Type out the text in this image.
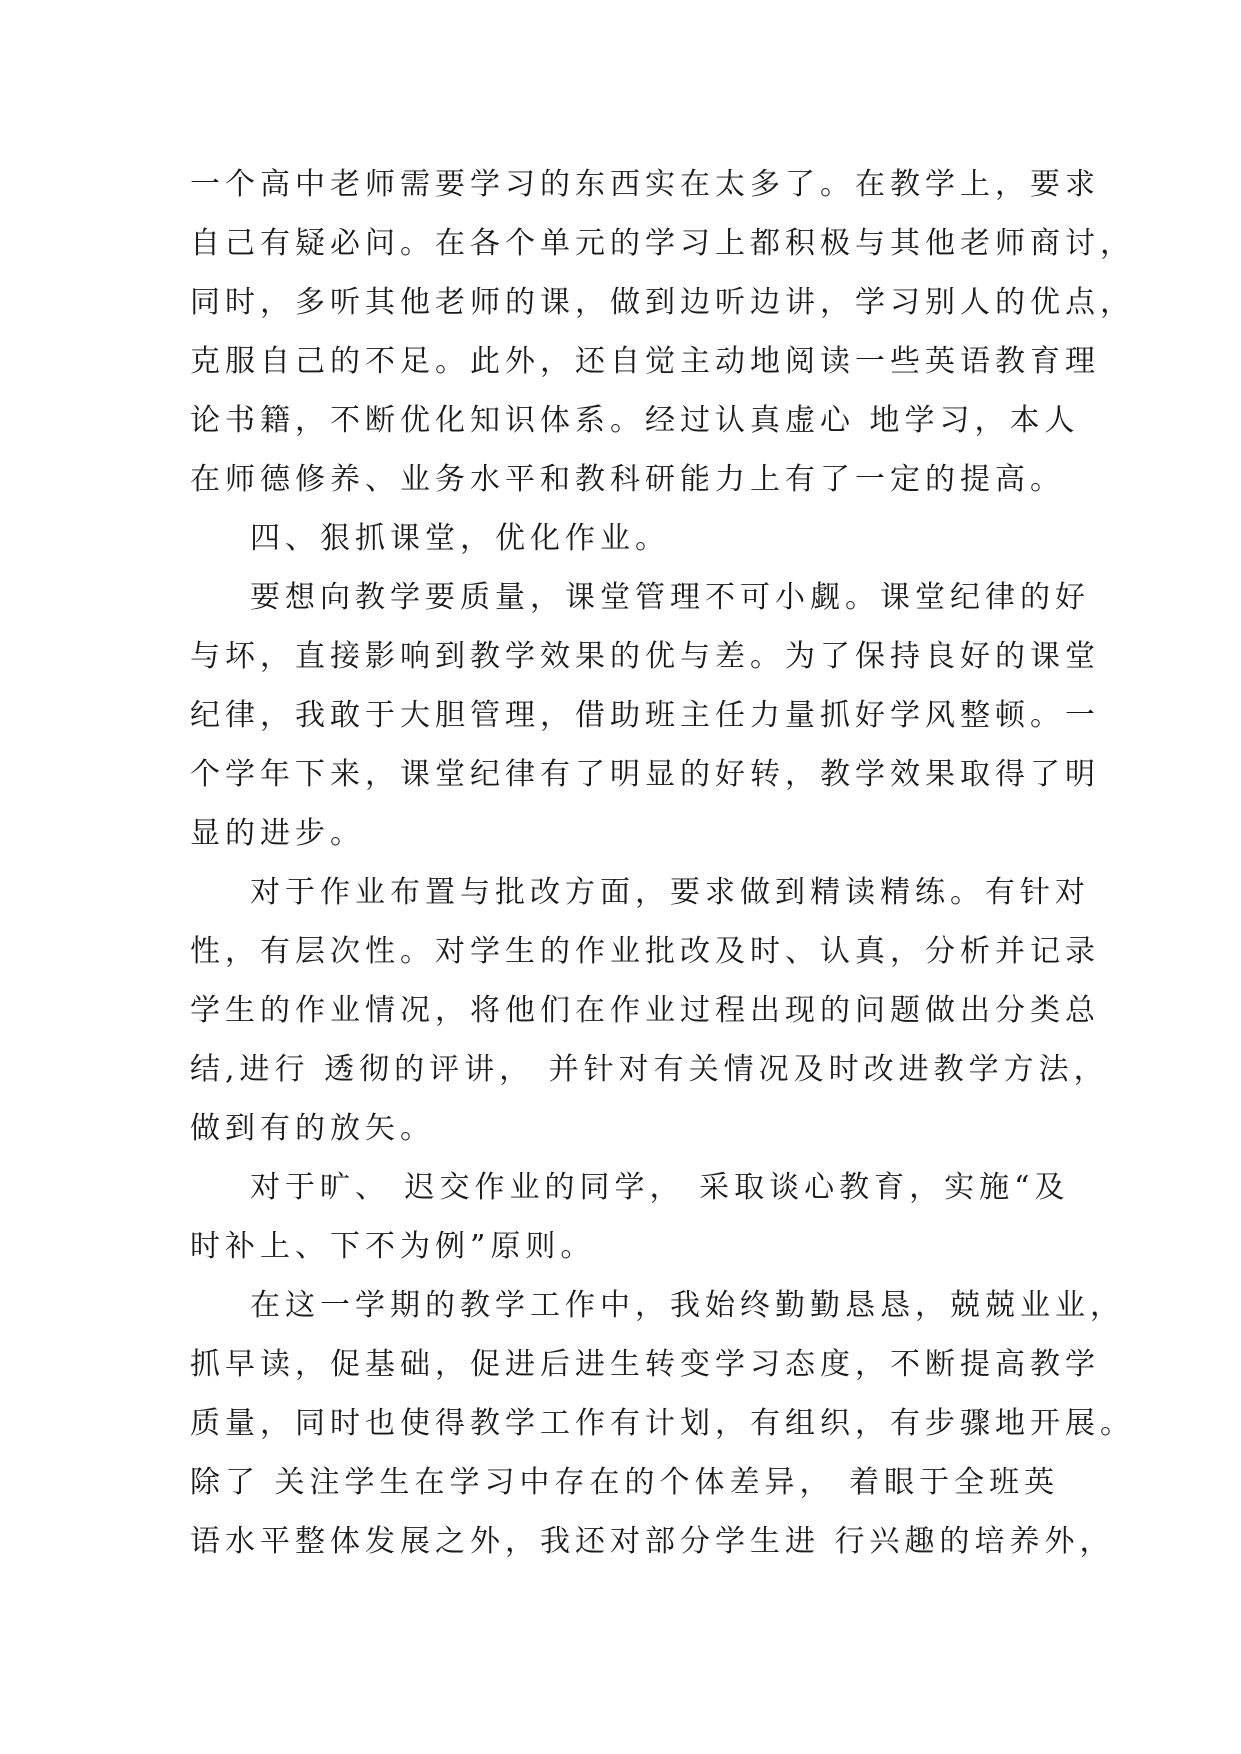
一个高中老师需要学习的东西实在太多了。在教学上，要求
自己有疑必问。在各个单元的学习上都积极与其他老师商讨，
同时，多听其他老师的课，做到边听边讲，学习别人的优点，
克服自己的不足。此外，还自觉主动地阅读一些英语教育理
论书籍，不断优化知识体系。经过认真虚心 地学习，本人
在师德修养、业务水平和教科研能力上有了一定的提高。
四、狠抓课堂，优化作业。
要想向教学要质量，课堂管理不可小觑。课堂纪律的好
与坏，直接影响到教学效果的优与差。为了保持良好的课堂
纪律，我敢于大胆管理，借助班主任力量抓好学风整顿。一
个学年下来，课堂纪律有了明显的好转，教学效果取得了明
显的进步。
对于作业布置与批改方面，要求做到精读精练。有针对
性，有层次性。对学生的作业批改及时、认真，分析并记录
学生的作业情况，将他们在作业过程出现的问题做出分类总
结,进行 透彻的评讲， 并针对有关情况及时改进教学方法，
做到有的放矢。
对于旷、 迟交作业的同学， 采取谈心教育，实施“及
时补上、下不为例”原则。
在这一学期的教学工作中，我始终勤勤恳恳，兢兢业业，
抓早读，促基础，促进后进生转变学习态度，不断提高教学
质量，同时也使得教学工作有计划，有组织，有步骤地开展。
除了 关注学生在学习中存在的个体差异， 着眼于全班英
语水平整体发展之外，我还对部分学生进 行兴趣的培养外，
